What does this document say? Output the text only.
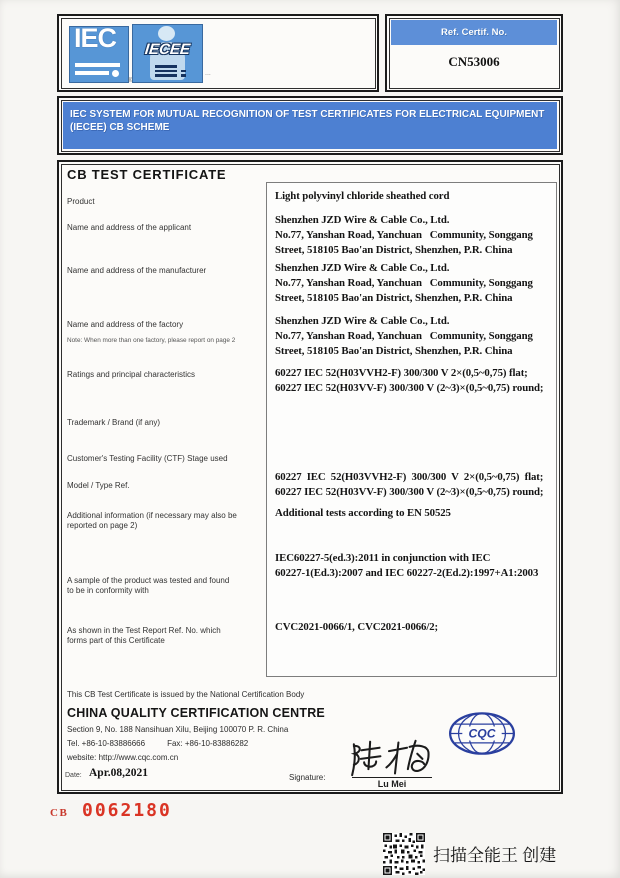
IEC
®
IECEE
...
Ref. Certif. No.
CN53006
IEC SYSTEM FOR MUTUAL RECOGNITION OF TEST CERTIFICATES FOR ELECTRICAL EQUIPMENT
(IECEE) CB SCHEME
CB TEST CERTIFICATE
Product
Name and address of the applicant
Name and address of the manufacturer
Name and address of the factory
Note: When more than one factory, please report on page 2
Ratings and principal characteristics
Trademark / Brand (if any)
Customer's Testing Facility (CTF) Stage used
Model / Type Ref.
Additional information (if necessary may also be
reported on page 2)
A sample of the product was tested and found
to be in conformity with
As shown in the Test Report Ref. No. which
forms part of this Certificate
Light polyvinyl chloride sheathed cord
Shenzhen JZD Wire & Cable Co., Ltd.
No.77, Yanshan Road, Yanchuan   Community, Songgang
Street, 518105 Bao'an District, Shenzhen, P.R. China
Shenzhen JZD Wire & Cable Co., Ltd.
No.77, Yanshan Road, Yanchuan   Community, Songgang
Street, 518105 Bao'an District, Shenzhen, P.R. China
Shenzhen JZD Wire & Cable Co., Ltd.
No.77, Yanshan Road, Yanchuan   Community, Songgang
Street, 518105 Bao'an District, Shenzhen, P.R. China
60227 IEC 52(H03VVH2-F) 300/300 V 2×(0,5~0,75) flat;
60227 IEC 52(H03VV-F) 300/300 V (2~3)×(0,5~0,75) round;
60227  IEC  52(H03VVH2-F)  300/300  V  2×(0,5~0,75)  flat;
60227 IEC 52(H03VV-F) 300/300 V (2~3)×(0,5~0,75) round;
Additional tests according to EN 50525
IEC60227-5(ed.3):2011 in conjunction with IEC
60227-1(Ed.3):2007 and IEC 60227-2(Ed.2):1997+A1:2003
CVC2021-0066/1, CVC2021-0066/2;
This CB Test Certificate is issued by the National Certification Body
CHINA QUALITY CERTIFICATION CENTRE
Section 9, No. 188 Nansihuan Xilu, Beijing 100070 P. R. China
Tel. +86-10-83886666	Fax: +86-10-83886282
website: http://www.cqc.com.cn
Date: Apr.08,2021	Signature:
Lu Mei
CQC
CB 0062180
扫描全能王 创建
